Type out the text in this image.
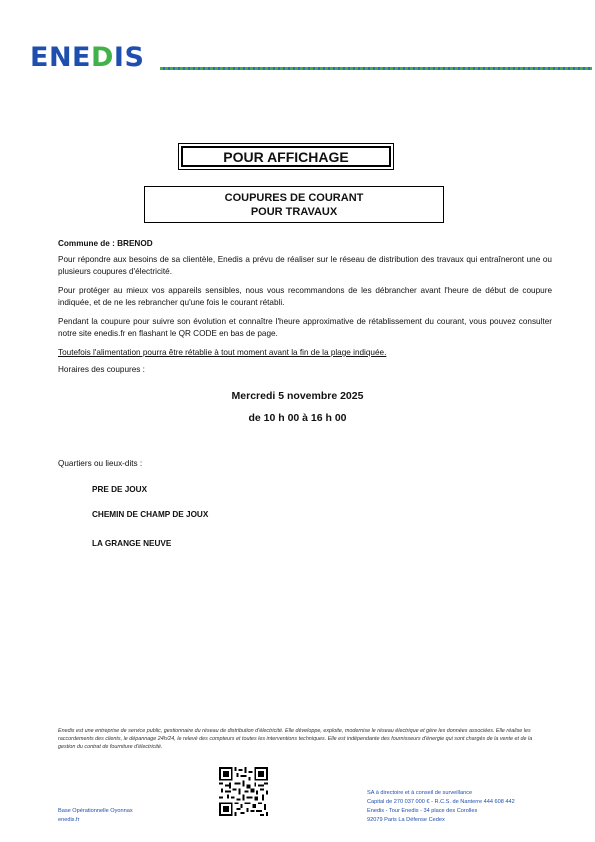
ENEDIS
POUR AFFICHAGE
COUPURES DE COURANT
POUR TRAVAUX
Commune de : BRENOD
Pour répondre aux besoins de sa clientèle, Enedis a prévu de réaliser sur le réseau de distribution des travaux qui entraîneront une ou plusieurs coupures d'électricité.
Pour protéger au mieux vos appareils sensibles, nous vous recommandons de les débrancher avant l'heure de début de coupure indiquée, et de ne les rebrancher qu'une fois le courant rétabli.
Pendant la coupure pour suivre son évolution et connaître l'heure approximative de rétablissement du courant, vous pouvez consulter notre site enedis.fr en flashant le QR CODE en bas de page.
Toutefois l'alimentation pourra être rétablie à tout moment avant la fin de la plage indiquée.
Horaires des coupures :
Mercredi 5 novembre 2025
de 10 h 00 à 16 h 00
Quartiers ou lieux-dits :
PRE DE JOUX
CHEMIN DE CHAMP DE JOUX
LA GRANGE NEUVE
Enedis est une entreprise de service public, gestionnaire du réseau de distribution d'électricité. Elle développe, exploite, modernise le réseau électrique et gère les données associées. Elle réalise les raccordements des clients, le dépannage 24h/24, le relevé des compteurs et toutes les interventions techniques. Elle est indépendante des fournisseurs d'énergie qui sont chargés de la vente et de la gestion du contrat de fourniture d'électricité.
Base Opérationnelle Oyonnax
enedis.fr
SA à directoire et à conseil de surveillance
Capital de 270 037 000 € - R.C.S. de Nanterre 444 608 442
Enedis - Tour Enedis - 34 place des Corolles
92079 Paris La Défense Cedex
